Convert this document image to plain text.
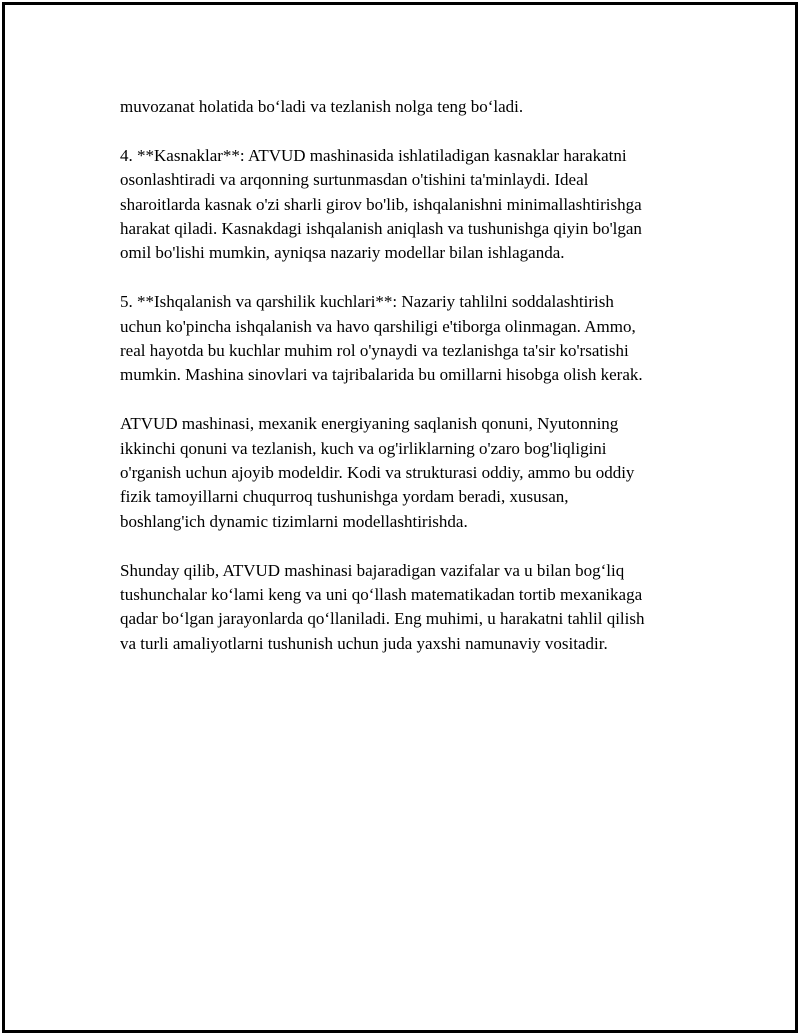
muvozanat holatida bo‘ladi va tezlanish nolga teng bo‘ladi.

4. **Kasnaklar**: ATVUD mashinasida ishlatiladigan kasnaklar harakatni
osonlashtiradi va arqonning surtunmasdan o'tishini ta'minlaydi. Ideal
sharoitlarda kasnak o'zi sharli girov bo'lib, ishqalanishni minimallashtirishga
harakat qiladi. Kasnakdagi ishqalanish aniqlash va tushunishga qiyin bo'lgan
omil bo'lishi mumkin, ayniqsa nazariy modellar bilan ishlaganda.

5. **Ishqalanish va qarshilik kuchlari**: Nazariy tahlilni soddalashtirish
uchun ko'pincha ishqalanish va havo qarshiligi e'tiborga olinmagan. Ammo,
real hayotda bu kuchlar muhim rol o'ynaydi va tezlanishga ta'sir ko'rsatishi
mumkin. Mashina sinovlari va tajribalarida bu omillarni hisobga olish kerak.

ATVUD mashinasi, mexanik energiyaning saqlanish qonuni, Nyutonning
ikkinchi qonuni va tezlanish, kuch va og'irliklarning o'zaro bog'liqligini
o'rganish uchun ajoyib modeldir. Kodi va strukturasi oddiy, ammo bu oddiy
fizik tamoyillarni chuqurroq tushunishga yordam beradi, xususan,
boshlang'ich dynamic tizimlarni modellashtirishda.

Shunday qilib, ATVUD mashinasi bajaradigan vazifalar va u bilan bog‘liq
tushunchalar ko‘lami keng va uni qo‘llash matematikadan tortib mexanikaga
qadar bo‘lgan jarayonlarda qo‘llaniladi. Eng muhimi, u harakatni tahlil qilish
va turli amaliyotlarni tushunish uchun juda yaxshi namunaviy vositadir.
